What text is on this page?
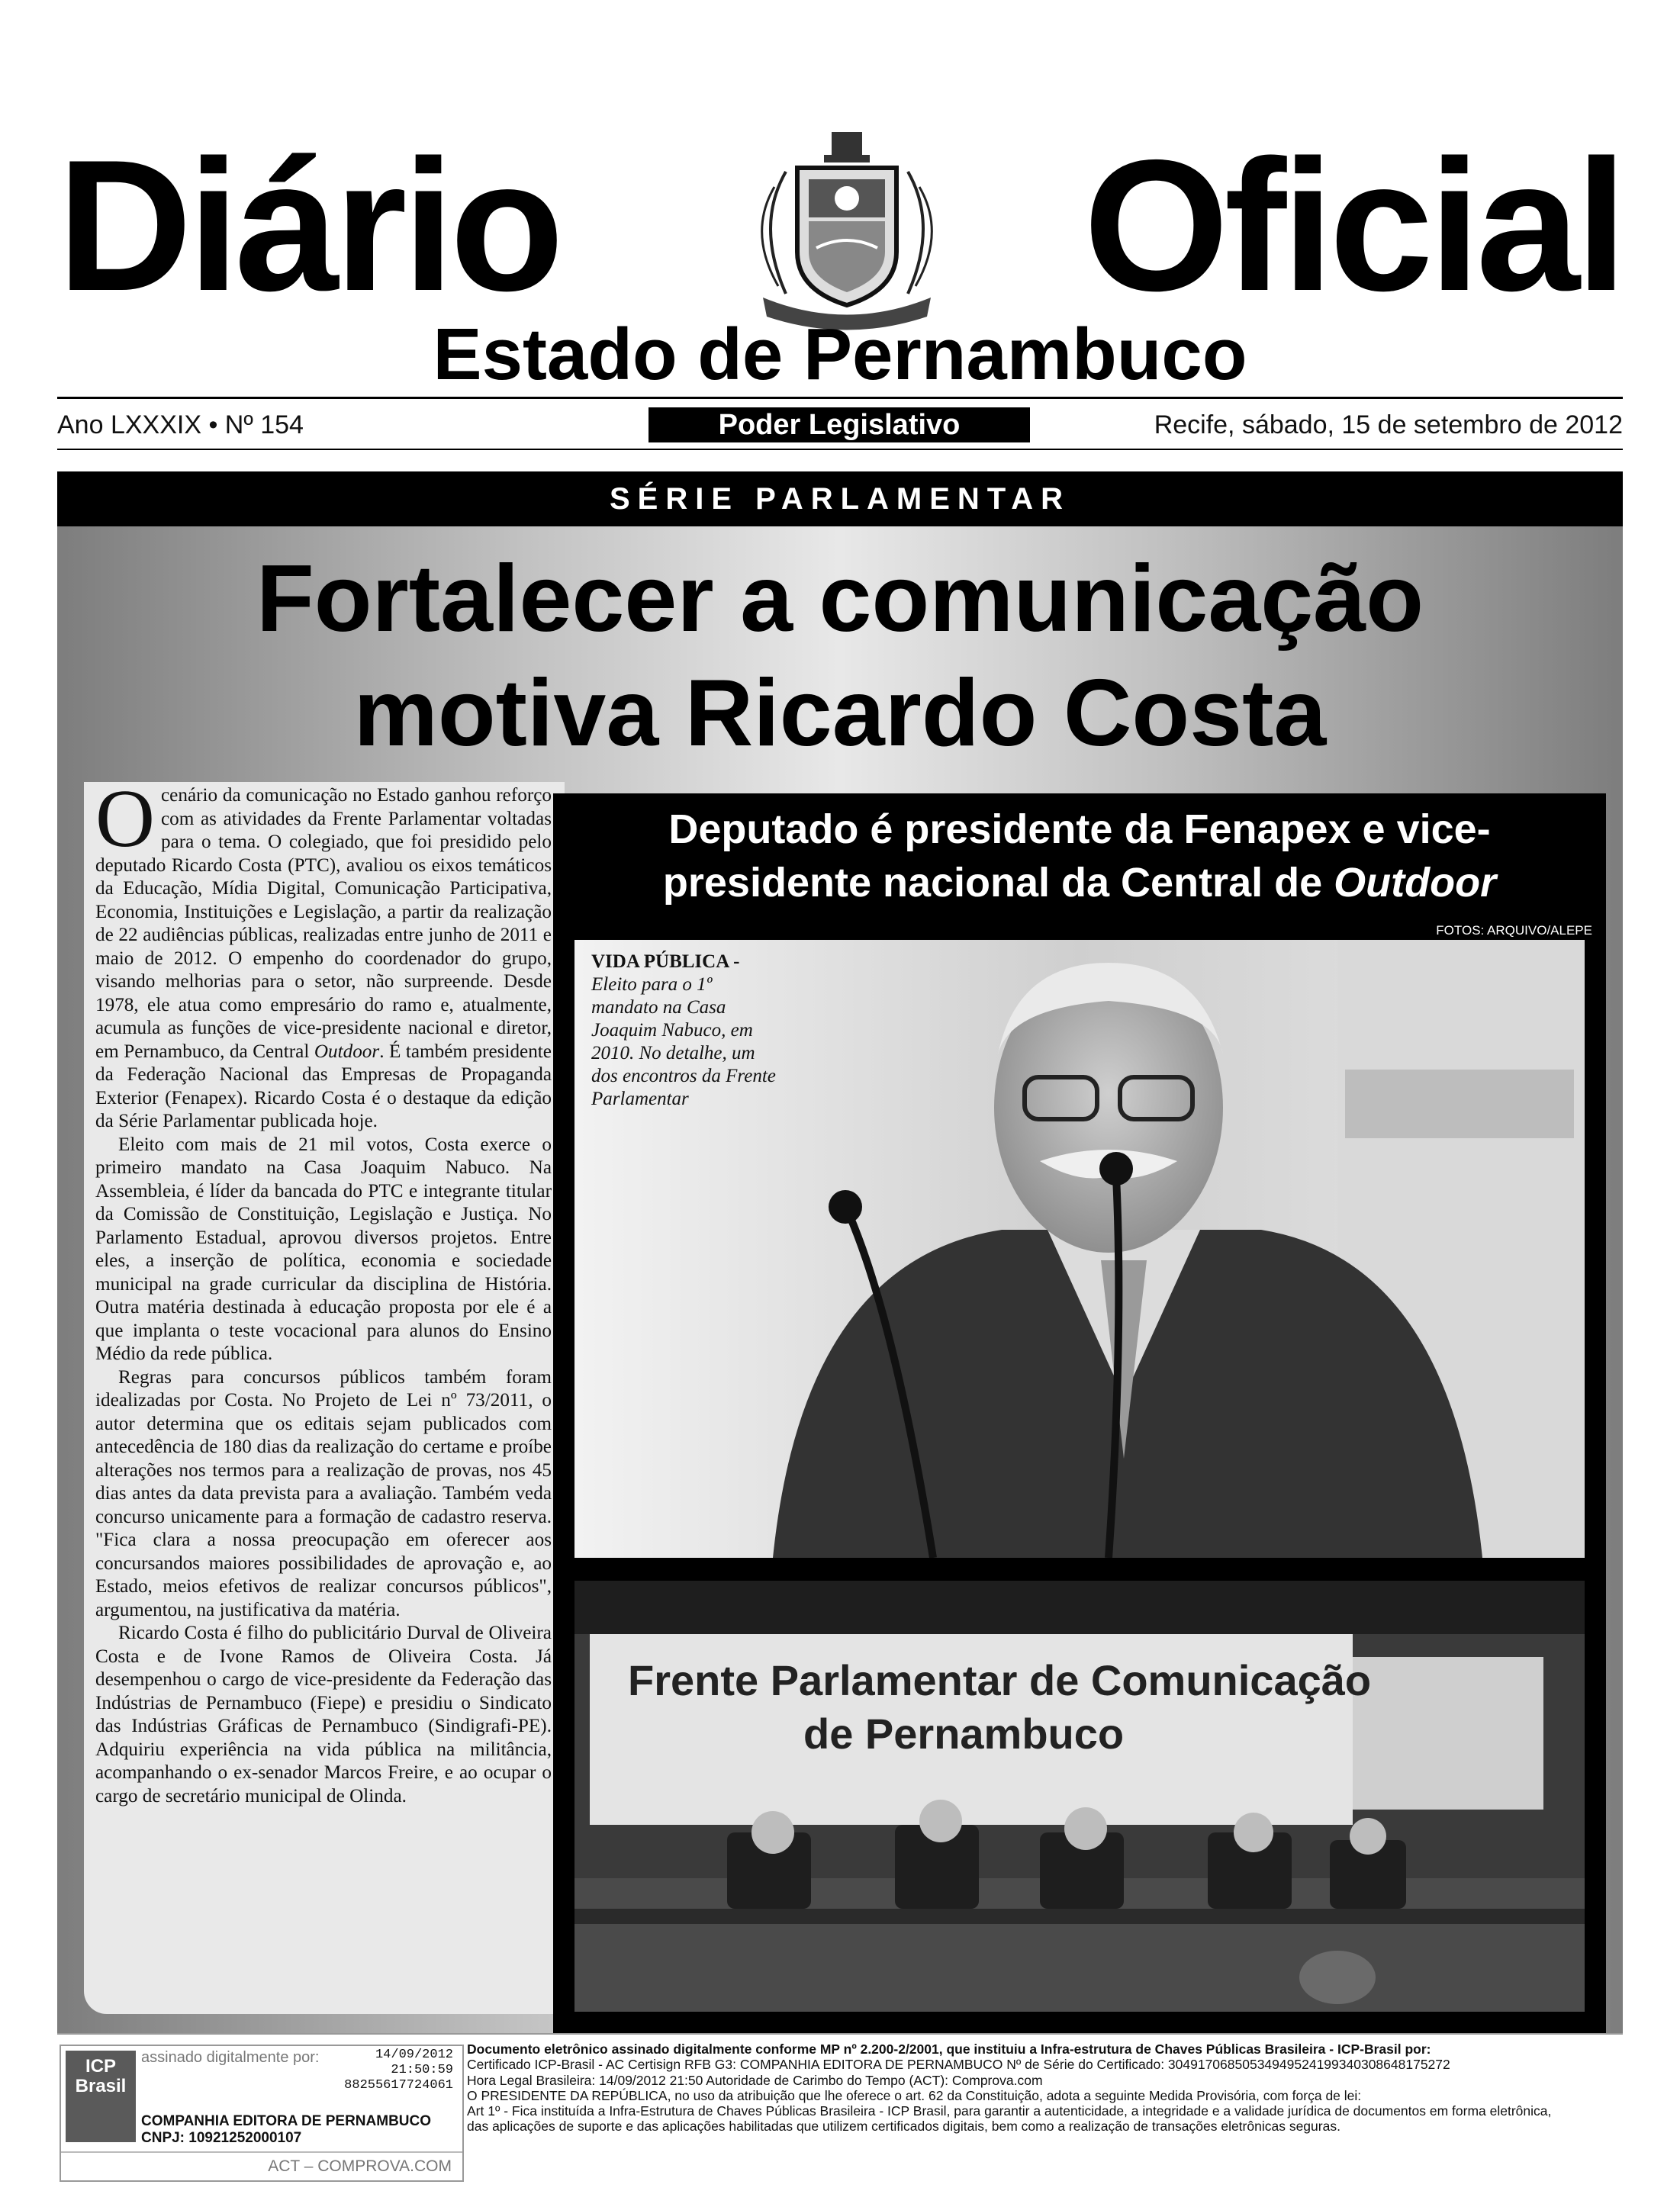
Diário	Oficial
Estado de Pernambuco
Ano LXXXIX • Nº 154	Poder Legislativo	Recife, sábado, 15 de setembro de 2012
SÉRIE PARLAMENTAR
Fortalecer a comunicação
motiva Ricardo Costa

Ocenário da comunicação no Estado ganhou reforço com as atividades da Frente Parlamentar voltadas para o tema. O colegiado, que foi presidido pelo deputado Ricardo Costa (PTC), avaliou os eixos temáticos da Educação, Mídia Digital, Comunicação Participativa, Economia, Instituições e Legislação, a partir da realização de 22 audiências públicas, realizadas entre junho de 2011 e maio de 2012. O empenho do coordenador do grupo, visando melhorias para o setor, não surpreende. Desde 1978, ele atua como empresário do ramo e, atualmente, acumula as funções de vice-presidente nacional e diretor, em Pernambuco, da Central Outdoor. É também presidente da Federação Nacional das Empresas de Propaganda Exterior (Fenapex). Ricardo Costa é o destaque da edição da Série Parlamentar publicada hoje.

Eleito com mais de 21 mil votos, Costa exerce o primeiro mandato na Casa Joaquim Nabuco. Na Assembleia, é líder da bancada do PTC e integrante titular da Comissão de Constituição, Legislação e Justiça. No Parlamento Estadual, aprovou diversos projetos. Entre eles, a inserção de política, economia e sociedade municipal na grade curricular da disciplina de História. Outra matéria destinada à educação proposta por ele é a que implanta o teste vocacional para alunos do Ensino Médio da rede pública.

Regras para concursos públicos também foram idealizadas por Costa. No Projeto de Lei nº 73/2011, o autor determina que os editais sejam publicados com antecedência de 180 dias da realização do certame e proíbe alterações nos termos para a realização de provas, nos 45 dias antes da data prevista para a avaliação. Também veda concurso unicamente para a formação de cadastro reserva. "Fica clara a nossa preocupação em oferecer aos concursandos maiores possibilidades de aprovação e, ao Estado, meios efetivos de realizar concursos públicos", argumentou, na justificativa da matéria.

Ricardo Costa é filho do publicitário Durval de Oliveira Costa e de Ivone Ramos de Oliveira Costa. Já desempenhou o cargo de vice-presidente da Federação das Indústrias de Pernambuco (Fiepe) e presidiu o Sindicato das Indústrias Gráficas de Pernambuco (Sindigrafi-PE). Adquiriu experiência na vida pública na militância, acompanhando o ex-senador Marcos Freire, e ao ocupar o cargo de secretário municipal de Olinda.

Deputado é presidente da Fenapex e vice-
presidente nacional da Central de Outdoor
FOTOS: ARQUIVO/ALEPE
VIDA PÚBLICA -
Eleito para o 1º mandato na Casa Joaquim Nabuco, em 2010. No detalhe, um dos encontros da Frente Parlamentar
Frente Parlamentar de Comunicação
de Pernambuco
ICP
Brasil
assinado digitalmente por:	14/09/2012
21:50:59
88255617724061
COMPANHIA EDITORA DE PERNAMBUCO
CNPJ: 10921252000107
ACT – COMPROVA.COM
Documento eletrônico assinado digitalmente conforme MP nº 2.200-2/2001, que instituiu a Infra-estrutura de Chaves Públicas Brasileira - ICP-Brasil por:
Certificado ICP-Brasil - AC Certisign RFB G3: COMPANHIA EDITORA DE PERNAMBUCO Nº de Série do Certificado: 30491706850534949524199340308648175272
Hora Legal Brasileira: 14/09/2012 21:50 Autoridade de Carimbo do Tempo (ACT): Comprova.com
O PRESIDENTE DA REPÚBLICA, no uso da atribuição que lhe oferece o art. 62 da Constituição, adota a seguinte Medida Provisória, com força de lei:
Art 1º - Fica instituída a Infra-Estrutura de Chaves Públicas Brasileira - ICP Brasil, para garantir a autenticidade, a integridade e a validade jurídica de documentos em forma eletrônica,
das aplicações de suporte e das aplicações habilitadas que utilizem certificados digitais, bem como a realização de transações eletrônicas seguras.
